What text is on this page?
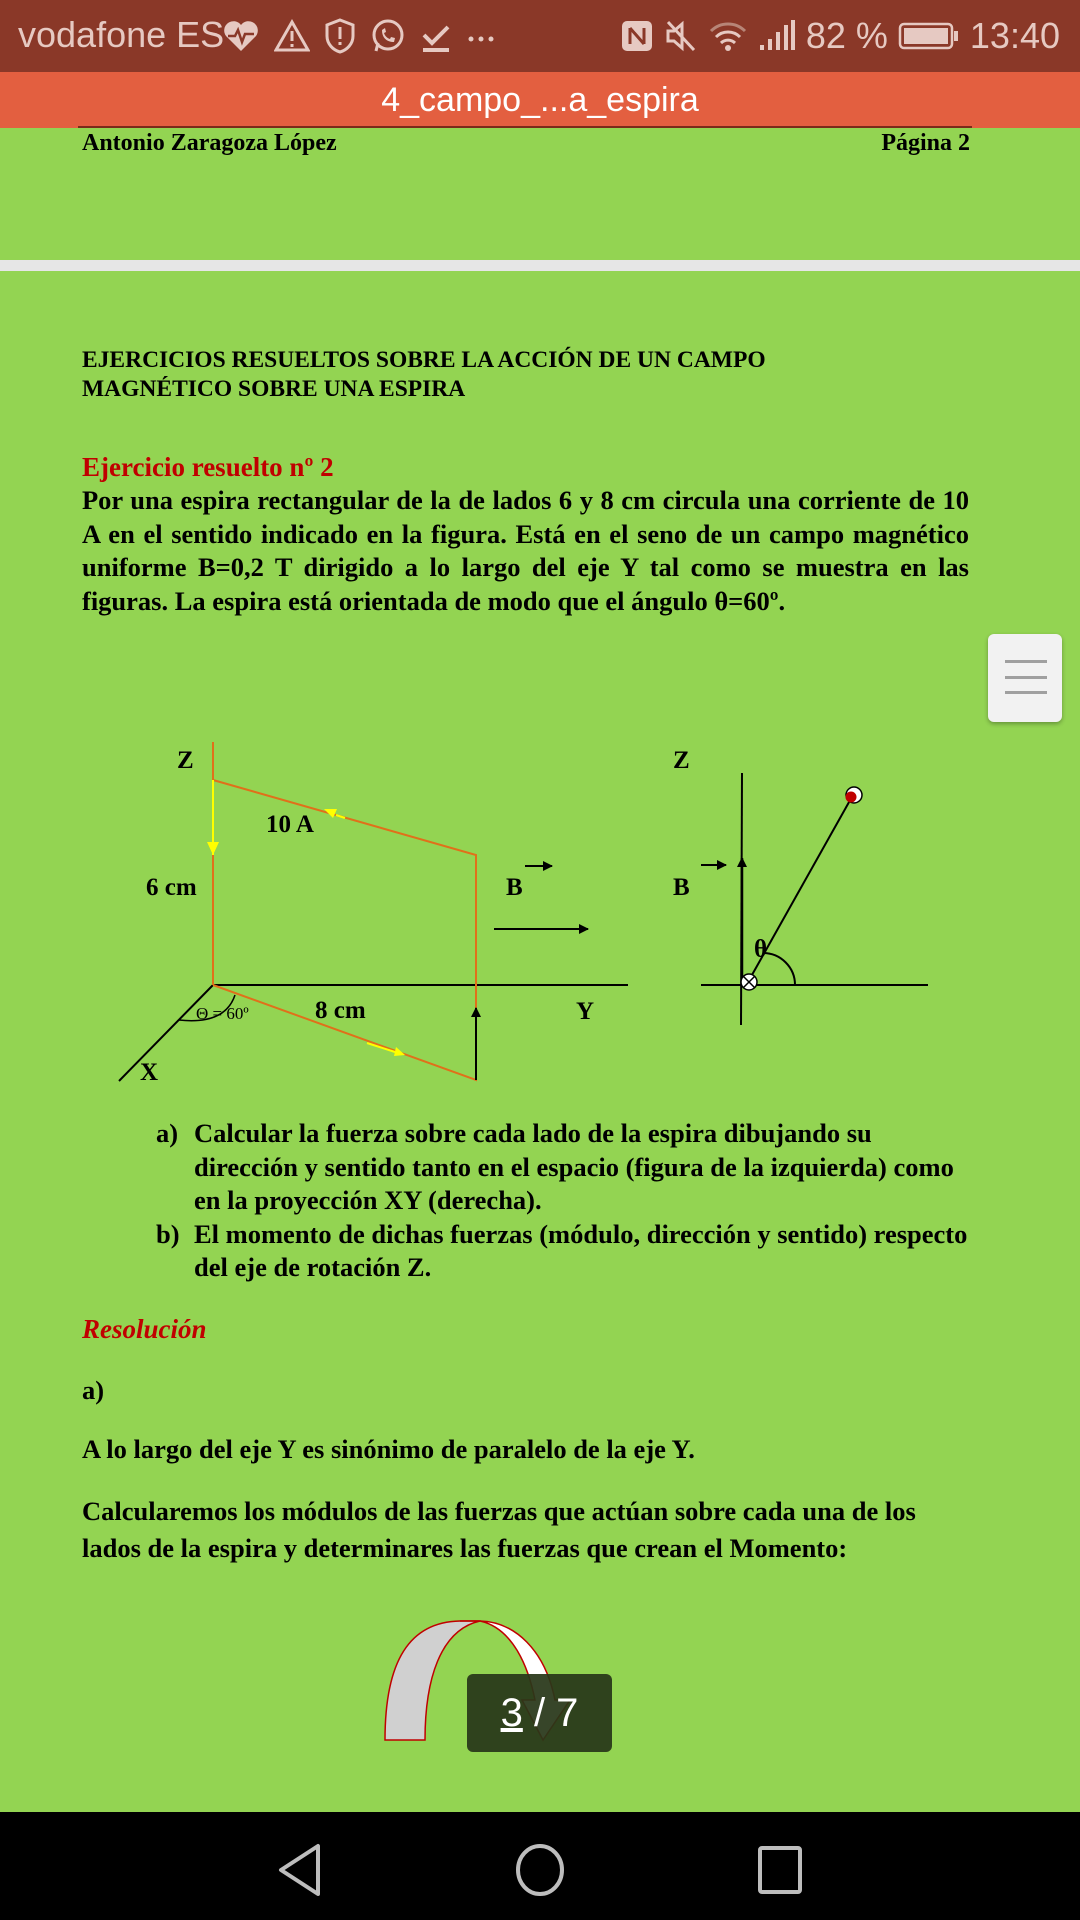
vodafone ES	82 % 13:40
4_campo_...a_espira
Antonio Zaragoza López	Página 2
EJERCICIOS RESUELTOS SOBRE LA ACCIÓN DE UN CAMPO
MAGNÉTICO SOBRE UNA ESPIRA
Ejercicio resuelto nº 2
Por una espira rectangular de la de lados 6 y 8 cm circula una corriente de 10 A en el sentido indicado en la figura. Está en el seno de un campo magnético uniforme B=0,2 T dirigido a lo largo del eje Y tal como se muestra en las figuras. La espira está orientada de modo que el ángulo θ=60º.
Z
10 A
6 cm
8 cm
B
Y
X
Θ = 60º
Z
B
θ
a) Calcular la fuerza sobre cada lado de la espira dibujando su dirección y sentido tanto en el espacio (figura de la izquierda) como en la proyección XY (derecha).
b) El momento de dichas fuerzas (módulo, dirección y sentido) respecto del eje de rotación Z.
Resolución
a)
A lo largo del eje Y es sinónimo de paralelo de la eje Y.
Calcularemos los módulos de las fuerzas que actúan sobre cada una de los lados de la espira y determinares las fuerzas que crean el Momento:
3 / 7
